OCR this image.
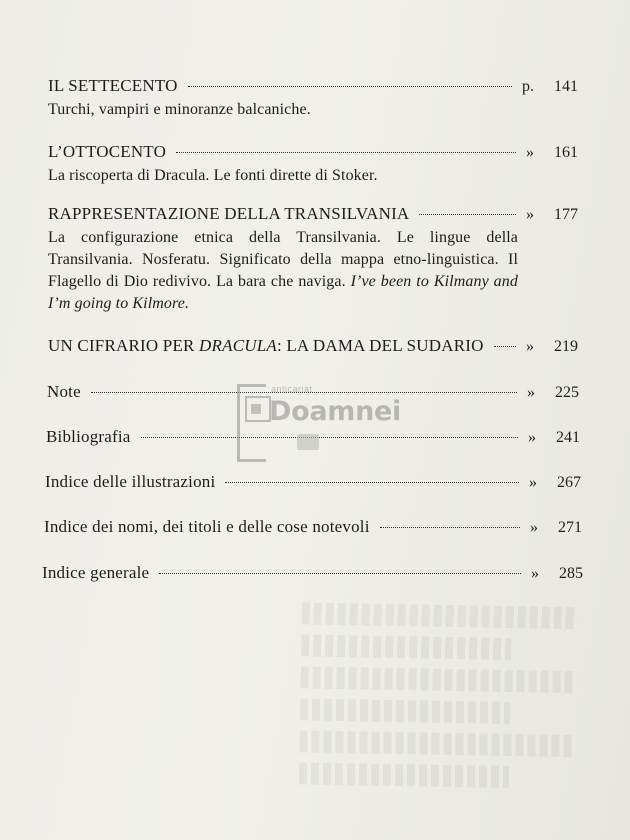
IL SETTECENTO	p.	141
Turchi, vampiri e minoranze balcaniche.
L’OTTOCENTO	»	161
La riscoperta di Dracula. Le fonti dirette di Stoker.
RAPPRESENTAZIONE DELLA TRANSILVANIA	»	177
La configurazione etnica della Transilvania. Le lingue della Transilvania. Nosferatu. Significato della mappa etno-linguistica. Il Flagello di Dio redivivo. La bara che naviga. I’ve been to Kilmany and I’m going to Kilmore.
UN CIFRARIO PER DRACULA: LA DAMA DEL SUDARIO	»	219
Note	»	225
Bibliografia	»	241
Indice delle illustrazioni	»	267
Indice dei nomi, dei titoli e delle cose notevoli	»	271
Indice generale	»	285
anticariat
Doamnei
